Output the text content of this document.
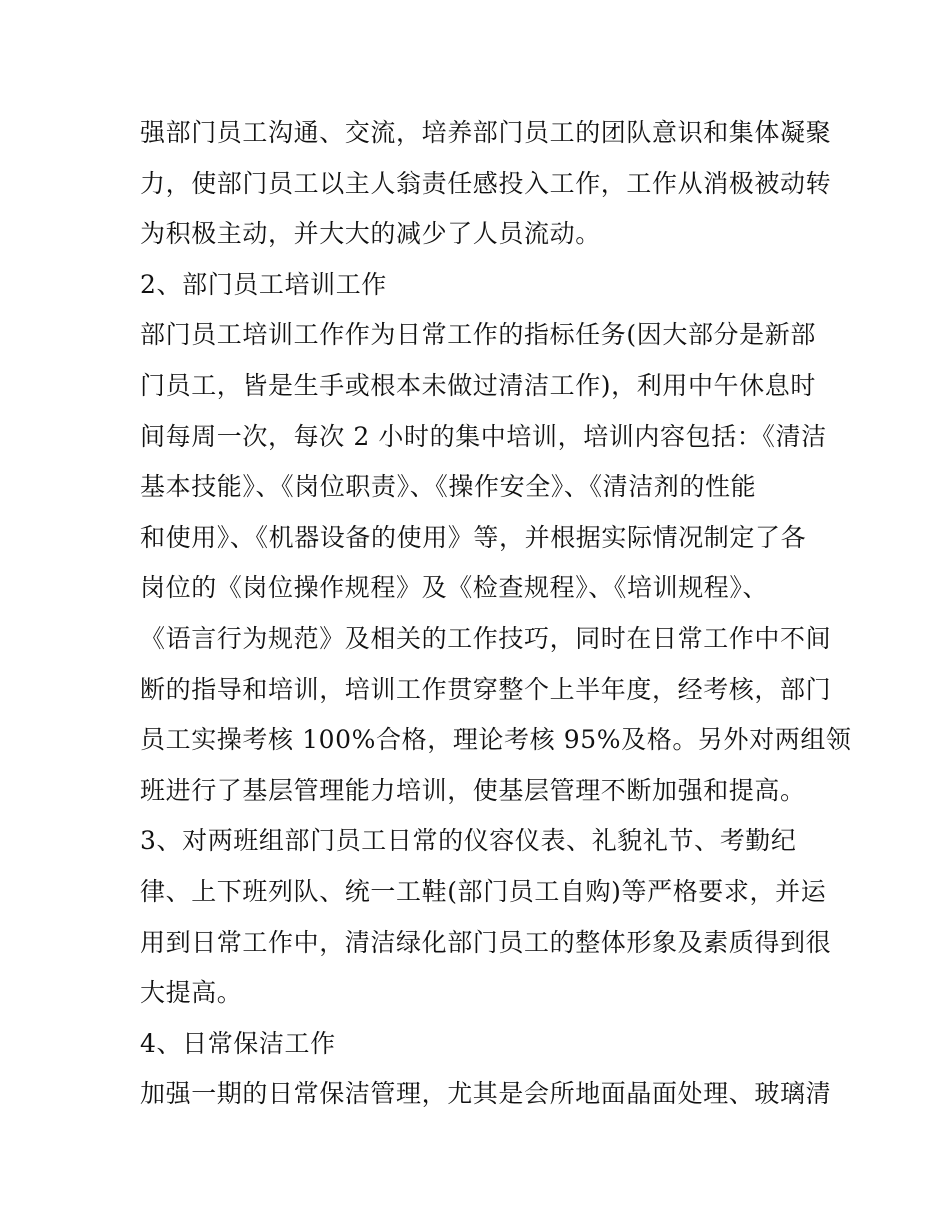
强部门员工沟通、交流，培养部门员工的团队意识和集体凝聚
力，使部门员工以主人翁责任感投入工作，工作从消极被动转
为积极主动，并大大的减少了人员流动。
2、部门员工培训工作
部门员工培训工作作为日常工作的指标任务(因大部分是新部
门员工，皆是生手或根本未做过清洁工作)，利用中午休息时
间每周一次，每次 2 小时的集中培训，培训内容包括：《清洁
基本技能》、《岗位职责》、《操作安全》、《清洁剂的性能
和使用》、《机器设备的使用》等，并根据实际情况制定了各
岗位的《岗位操作规程》及《检查规程》、《培训规程》、
《语言行为规范》及相关的工作技巧，同时在日常工作中不间
断的指导和培训，培训工作贯穿整个上半年度，经考核，部门
员工实操考核 100%合格，理论考核 95%及格。另外对两组领
班进行了基层管理能力培训，使基层管理不断加强和提高。
3、对两班组部门员工日常的仪容仪表、礼貌礼节、考勤纪
律、上下班列队、统一工鞋(部门员工自购)等严格要求，并运
用到日常工作中，清洁绿化部门员工的整体形象及素质得到很
大提高。
4、日常保洁工作
加强一期的日常保洁管理，尤其是会所地面晶面处理、玻璃清
